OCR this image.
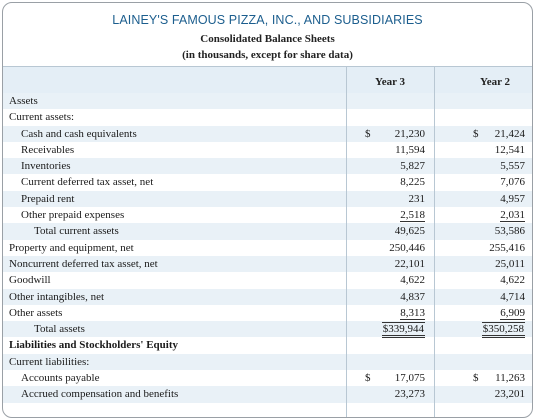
LAINEY'S FAMOUS PIZZA, INC., AND SUBSIDIARIES
Consolidated Balance Sheets
(in thousands, except for share data)
Year 3	Year 2
Assets
Current assets:
Cash and cash equivalents	$ 21,230	$ 21,424
Receivables	11,594	12,541
Inventories	5,827	5,557
Current deferred tax asset, net	8,225	7,076
Prepaid rent	231	4,957
Other prepaid expenses	2,518	2,031
Total current assets	49,625	53,586
Property and equipment, net	250,446	255,416
Noncurrent deferred tax asset, net	22,101	25,011
Goodwill	4,622	4,622
Other intangibles, net	4,837	4,714
Other assets	8,313	6,909
Total assets	$339,944	$350,258
Liabilities and Stockholders' Equity
Current liabilities:
Accounts payable	$ 17,075	$ 11,263
Accrued compensation and benefits	23,273	23,201
